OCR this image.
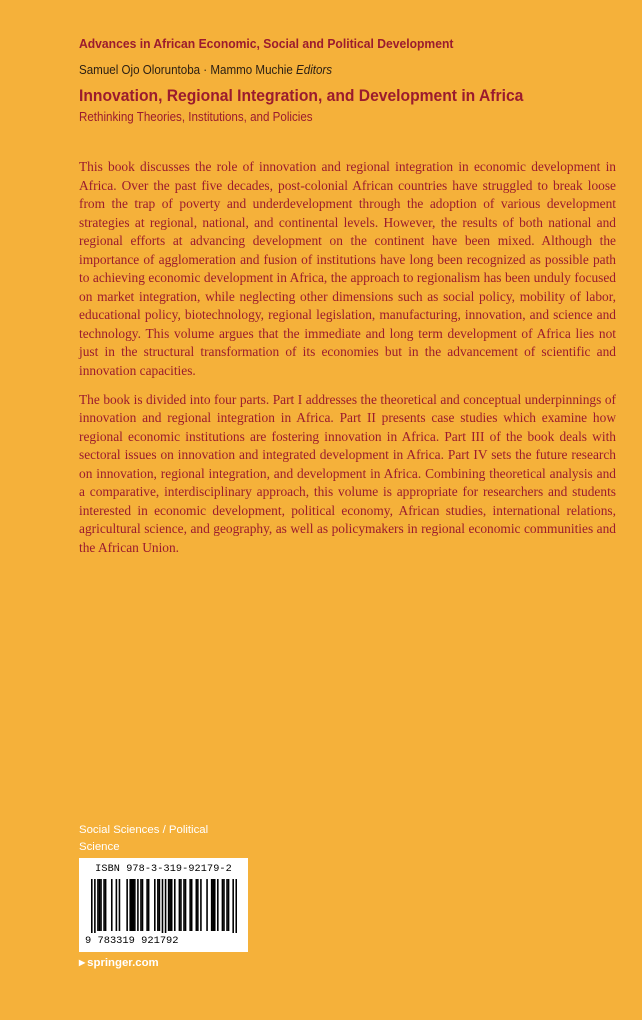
Advances in African Economic, Social and Political Development
Samuel Ojo Oloruntoba · Mammo Muchie Editors
Innovation, Regional Integration, and Development in Africa
Rethinking Theories, Institutions, and Policies

This book discusses the role of innovation and regional integration in economic development in Africa. Over the past five decades, post-colonial African countries have struggled to break loose from the trap of poverty and underdevelopment through the adoption of various development strategies at regional, national, and continental levels. However, the results of both national and regional efforts at advancing development on the continent have been mixed. Although the importance of agglomeration and fusion of institutions have long been recognized as possible path to achieving economic development in Africa, the approach to regionalism has been unduly focused on market integration, while neglecting other dimensions such as social policy, mobility of labor, educational policy, biotechnology, regional legislation, manufacturing, innovation, and science and technology. This volume argues that the immediate and long term development of Africa lies not just in the structural transformation of its economies but in the advancement of scientific and innovation capacities.

The book is divided into four parts. Part I addresses the theoretical and conceptual underpinnings of innovation and regional integration in Africa. Part II presents case studies which examine how regional economic institutions are fostering innovation in Africa. Part III of the book deals with sectoral issues on innovation and integrated development in Africa. Part IV sets the future research on innovation, regional integration, and development in Africa. Combining theoretical analysis and a comparative, interdisciplinary approach, this volume is appropriate for researchers and students interested in economic development, political economy, African studies, international relations, agricultural science, and geography, as well as policymakers in regional economic communities and the African Union.

Social Sciences / Political Science
ISBN 978-3-319-92179-2
9 783319 921792
▶ springer.com
